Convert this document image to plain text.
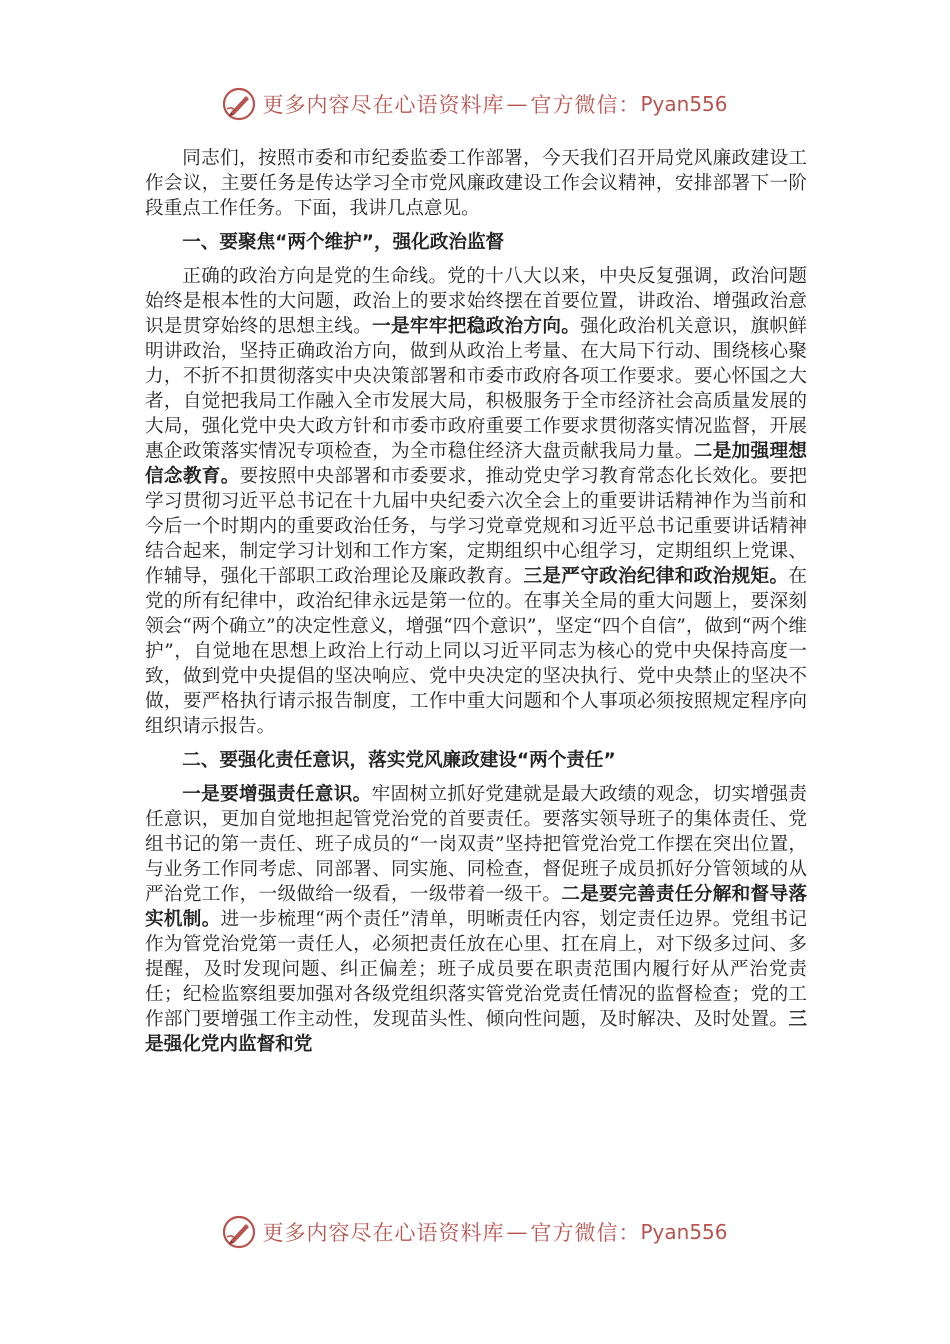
更多内容尽在心语资料库 — 官方微信： Pyan556

同志们，按照市委和市纪委监委工作部署，今天我们召开局党风廉政建设工作会议，主要任务是传达学习全市党风廉政建设工作会议精神，安排部署下一阶段重点工作任务。下面，我讲几点意见。

一、要聚焦“两个维护”，强化政治监督

正确的政治方向是党的生命线。党的十八大以来，中央反复强调，政治问题始终是根本性的大问题，政治上的要求始终摆在首要位置，讲政治、增强政治意识是贯穿始终的思想主线。一是牢牢把稳政治方向。强化政治机关意识，旗帜鲜明讲政治，坚持正确政治方向，做到从政治上考量、在大局下行动、围绕核心聚力，不折不扣贯彻落实中央决策部署和市委市政府各项工作要求。要心怀国之大者，自觉把我局工作融入全市发展大局，积极服务于全市经济社会高质量发展的大局，强化党中央大政方针和市委市政府重要工作要求贯彻落实情况监督，开展惠企政策落实情况专项检查，为全市稳住经济大盘贡献我局力量。二是加强理想信念教育。要按照中央部署和市委要求，推动党史学习教育常态化长效化。要把学习贯彻习近平总书记在十九届中央纪委六次全会上的重要讲话精神作为当前和今后一个时期内的重要政治任务，与学习党章党规和习近平总书记重要讲话精神结合起来，制定学习计划和工作方案，定期组织中心组学习，定期组织上党课、作辅导，强化干部职工政治理论及廉政教育。三是严守政治纪律和政治规矩。在党的所有纪律中，政治纪律永远是第一位的。在事关全局的重大问题上，要深刻领会“两个确立”的决定性意义，增强“四个意识”，坚定“四个自信”，做到“两个维护”，自觉地在思想上政治上行动上同以习近平同志为核心的党中央保持高度一致，做到党中央提倡的坚决响应、党中央决定的坚决执行、党中央禁止的坚决不做，要严格执行请示报告制度，工作中重大问题和个人事项必须按照规定程序向组织请示报告。

二、要强化责任意识，落实党风廉政建设“两个责任”

一是要增强责任意识。牢固树立抓好党建就是最大政绩的观念，切实增强责任意识，更加自觉地担起管党治党的首要责任。要落实领导班子的集体责任、党组书记的第一责任、班子成员的“一岗双责”坚持把管党治党工作摆在突出位置，与业务工作同考虑、同部署、同实施、同检查，督促班子成员抓好分管领域的从严治党工作，一级做给一级看，一级带着一级干。二是要完善责任分解和督导落实机制。进一步梳理“两个责任”清单，明晰责任内容，划定责任边界。党组书记作为管党治党第一责任人，必须把责任放在心里、扛在肩上，对下级多过问、多提醒，及时发现问题、纠正偏差；班子成员要在职责范围内履行好从严治党责任；纪检监察组要加强对各级党组织落实管党治党责任情况的监督检查；党的工作部门要增强工作主动性，发现苗头性、倾向性问题，及时解决、及时处置。三是强化党内监督和党

更多内容尽在心语资料库 — 官方微信： Pyan556
